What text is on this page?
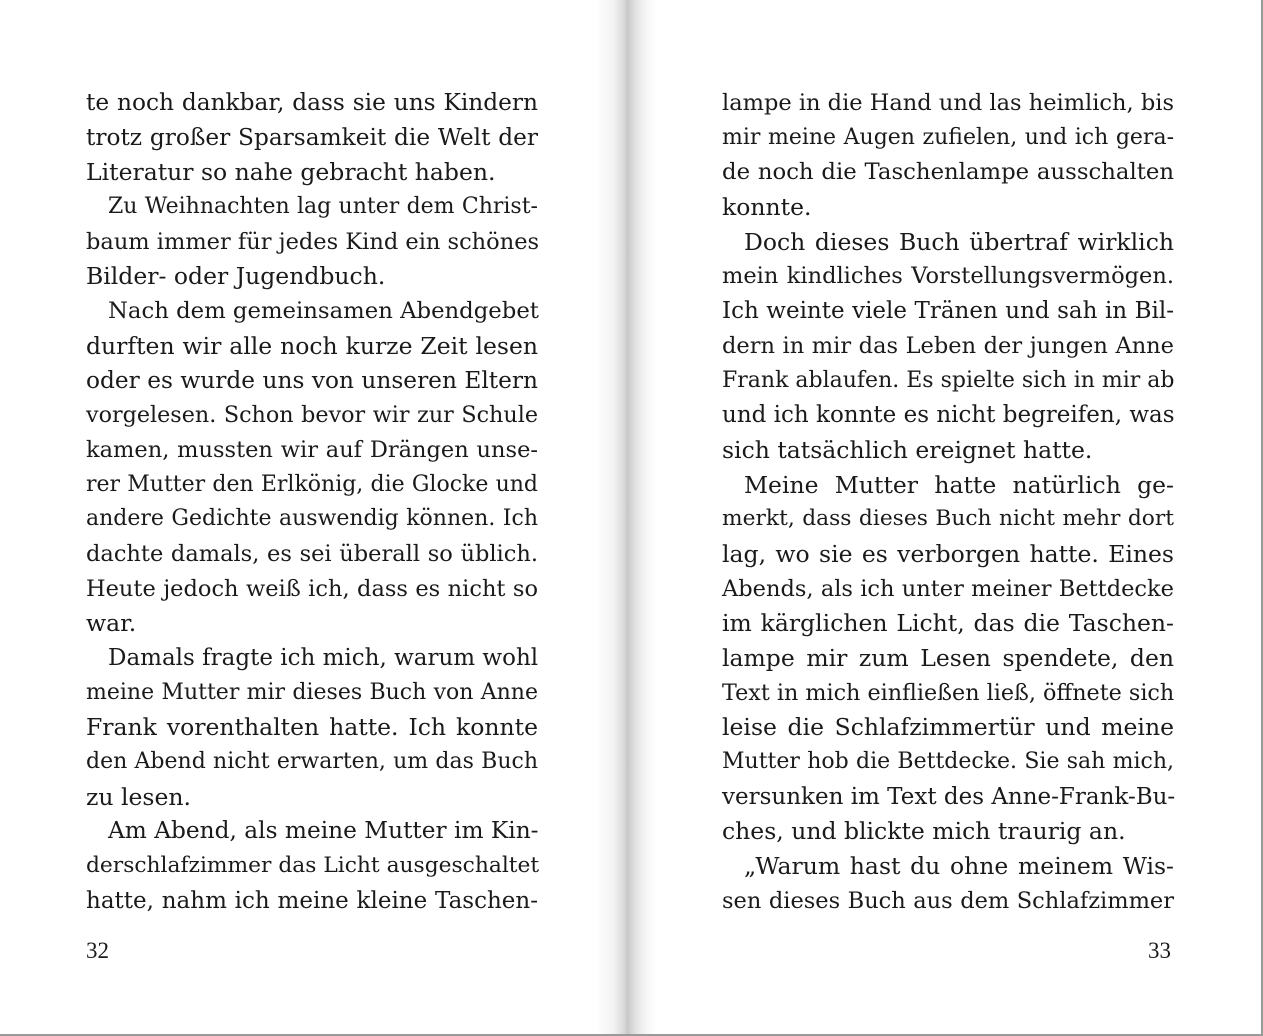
te noch dankbar, dass sie uns Kindern
trotz großer Sparsamkeit die Welt der
Literatur so nahe gebracht haben.
Zu Weihnachten lag unter dem Christ-
baum immer für jedes Kind ein schönes
Bilder- oder Jugendbuch.
Nach dem gemeinsamen Abendgebet
durften wir alle noch kurze Zeit lesen
oder es wurde uns von unseren Eltern
vorgelesen. Schon bevor wir zur Schule
kamen, mussten wir auf Drängen unse-
rer Mutter den Erlkönig, die Glocke und
andere Gedichte auswendig können. Ich
dachte damals, es sei überall so üblich.
Heute jedoch weiß ich, dass es nicht so
war.
Damals fragte ich mich, warum wohl
meine Mutter mir dieses Buch von Anne
Frank vorenthalten hatte. Ich konnte
den Abend nicht erwarten, um das Buch
zu lesen.
Am Abend, als meine Mutter im Kin-
derschlafzimmer das Licht ausgeschaltet
hatte, nahm ich meine kleine Taschen-
32
lampe in die Hand und las heimlich, bis
mir meine Augen zufielen, und ich gera-
de noch die Taschenlampe ausschalten
konnte.
Doch dieses Buch übertraf wirklich
mein kindliches Vorstellungsvermögen.
Ich weinte viele Tränen und sah in Bil-
dern in mir das Leben der jungen Anne
Frank ablaufen. Es spielte sich in mir ab
und ich konnte es nicht begreifen, was
sich tatsächlich ereignet hatte.
Meine Mutter hatte natürlich ge-
merkt, dass dieses Buch nicht mehr dort
lag, wo sie es verborgen hatte. Eines
Abends, als ich unter meiner Bettdecke
im kärglichen Licht, das die Taschen-
lampe mir zum Lesen spendete, den
Text in mich einfließen ließ, öffnete sich
leise die Schlafzimmertür und meine
Mutter hob die Bettdecke. Sie sah mich,
versunken im Text des Anne-Frank-Bu-
ches, und blickte mich traurig an.
„Warum hast du ohne meinem Wis-
sen dieses Buch aus dem Schlafzimmer
33
